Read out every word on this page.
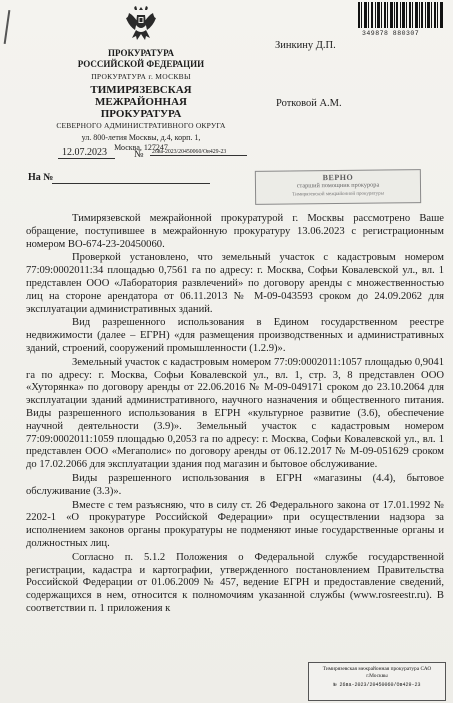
ПРОКУРАТУРА
РОССИЙСКОЙ ФЕДЕРАЦИИ

ПРОКУРАТУРА г. МОСКВЫ

ТИМИРЯЗЕВСКАЯ
МЕЖРАЙОННАЯ ПРОКУРАТУРА

СЕВЕРНОГО АДМИНИСТРАТИВНОГО ОКРУГА

ул. 800-летия Москвы, д.4, корп. 1,
Москва, 127247

349878 880307
Зинкину Д.П.
Ротковой А.М.
12.07.2023	№	26ва-2023/20450060/Ов429-23
На №	ВЕРНО
старший помощник прокурора
Тимирязевской межрайонной прокуратуры

Тимирязевской межрайонной прокуратурой г. Москвы рассмотрено Ваше обращение, поступившее в межрайонную прокуратуру 13.06.2023 с регистрационным номером ВО-674-23-20450060.

Проверкой установлено, что земельный участок с кадастровым номером 77:09:0002011:34 площадью 0,7561 га по адресу: г. Москва, Софьи Ковалевской ул., вл. 1 представлен ООО «Лаборатория развлечений» по договору аренды с множественностью лиц на стороне арендатора от 06.11.2013 № М-09-043593 сроком до 24.09.2062 для эксплуатации административных зданий.

Вид разрешенного использования в Едином государственном реестре недвижимости (далее – ЕГРН) «для размещения производственных и административных зданий, строений, сооружений промышленности (1.2.9)».

Земельный участок с кадастровым номером 77:09:0002011:1057 площадью 0,9041 га по адресу: г. Москва, Софьи Ковалевской ул., вл. 1, стр. 3, 8 представлен ООО «Хуторянка» по договору аренды от 22.06.2016 № М-09-049171 сроком до 23.10.2064 для эксплуатации зданий административного, научного назначения и общественного питания. Виды разрешенного использования в ЕГРН «культурное развитие (3.6), обеспечение научной деятельности (3.9)». Земельный участок с кадастровым номером 77:09:0002011:1059 площадью 0,2053 га по адресу: г. Москва, Софьи Ковалевской ул., вл. 1 представлен ООО «Мегаполис» по договору аренды от 06.12.2017 № М-09-051629 сроком до 17.02.2066 для эксплуатации здания под магазин и бытовое обслуживание.

Виды разрешенного использования в ЕГРН «магазины (4.4), бытовое обслуживание (3.3)».

Вместе с тем разъясняю, что в силу ст. 26 Федерального закона от 17.01.1992 № 2202-1 «О прокуратуре Российской Федерации» при осуществлении надзора за исполнением законов органы прокуратуры не подменяют иные государственные органы и должностных лиц.

Согласно п. 5.1.2 Положения о Федеральной службе государственной регистрации, кадастра и картографии, утвержденного постановлением Правительства Российской Федерации от 01.06.2009 № 457, ведение ЕГРН и предоставление сведений, содержащихся в нем, относится к полномочиям указанной службы (www.rosreestr.ru). В соответствии п. 1 приложения к

Тимирязевская межрайонная прокуратура САО
г.Москвы
№ 26ва-2023/20450060/Ов429-23
